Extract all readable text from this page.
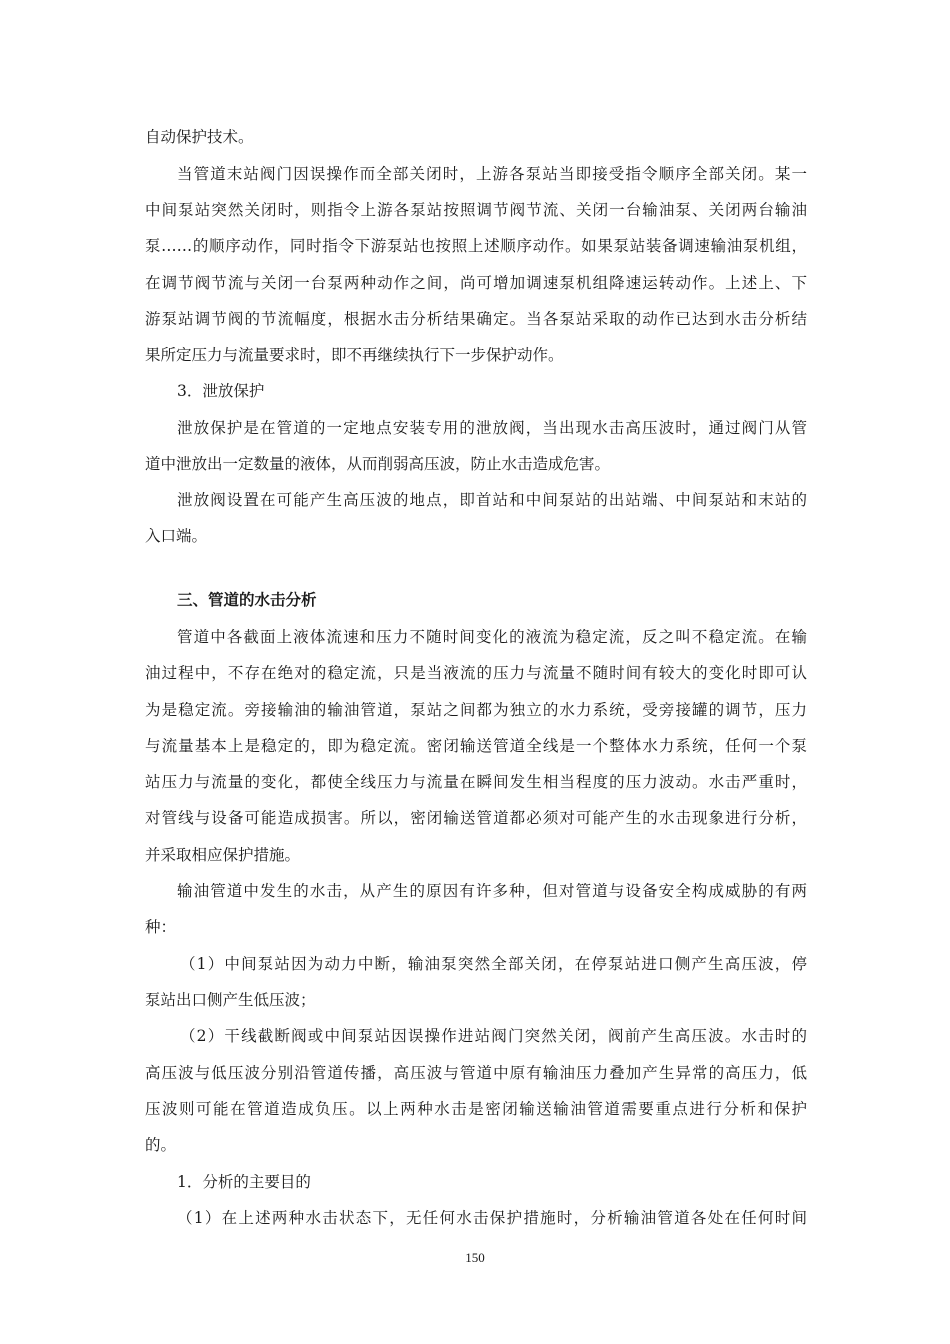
自动保护技术。
当管道末站阀门因误操作而全部关闭时，上游各泵站当即接受指令顺序全部关闭。某一
中间泵站突然关闭时，则指令上游各泵站按照调节阀节流、关闭一台输油泵、关闭两台输油
泵……的顺序动作，同时指令下游泵站也按照上述顺序动作。如果泵站装备调速输油泵机组，
在调节阀节流与关闭一台泵两种动作之间，尚可增加调速泵机组降速运转动作。上述上、下
游泵站调节阀的节流幅度，根据水击分析结果确定。当各泵站采取的动作已达到水击分析结
果所定压力与流量要求时，即不再继续执行下一步保护动作。
3．泄放保护
泄放保护是在管道的一定地点安装专用的泄放阀，当出现水击高压波时，通过阀门从管
道中泄放出一定数量的液体，从而削弱高压波，防止水击造成危害。
泄放阀设置在可能产生高压波的地点，即首站和中间泵站的出站端、中间泵站和末站的
入口端。
三、管道的水击分析
管道中各截面上液体流速和压力不随时间变化的液流为稳定流，反之叫不稳定流。在输
油过程中，不存在绝对的稳定流，只是当液流的压力与流量不随时间有较大的变化时即可认
为是稳定流。旁接输油的输油管道，泵站之间都为独立的水力系统，受旁接罐的调节，压力
与流量基本上是稳定的，即为稳定流。密闭输送管道全线是一个整体水力系统，任何一个泵
站压力与流量的变化，都使全线压力与流量在瞬间发生相当程度的压力波动。水击严重时，
对管线与设备可能造成损害。所以，密闭输送管道都必须对可能产生的水击现象进行分析，
并采取相应保护措施。
输油管道中发生的水击，从产生的原因有许多种，但对管道与设备安全构成威胁的有两
种：
（1）中间泵站因为动力中断，输油泵突然全部关闭，在停泵站进口侧产生高压波，停
泵站出口侧产生低压波；
（2）干线截断阀或中间泵站因误操作进站阀门突然关闭，阀前产生高压波。水击时的
高压波与低压波分别沿管道传播，高压波与管道中原有输油压力叠加产生异常的高压力，低
压波则可能在管道造成负压。以上两种水击是密闭输送输油管道需要重点进行分析和保护
的。
1．分析的主要目的
（1）在上述两种水击状态下，无任何水击保护措施时，分析输油管道各处在任何时间
150
